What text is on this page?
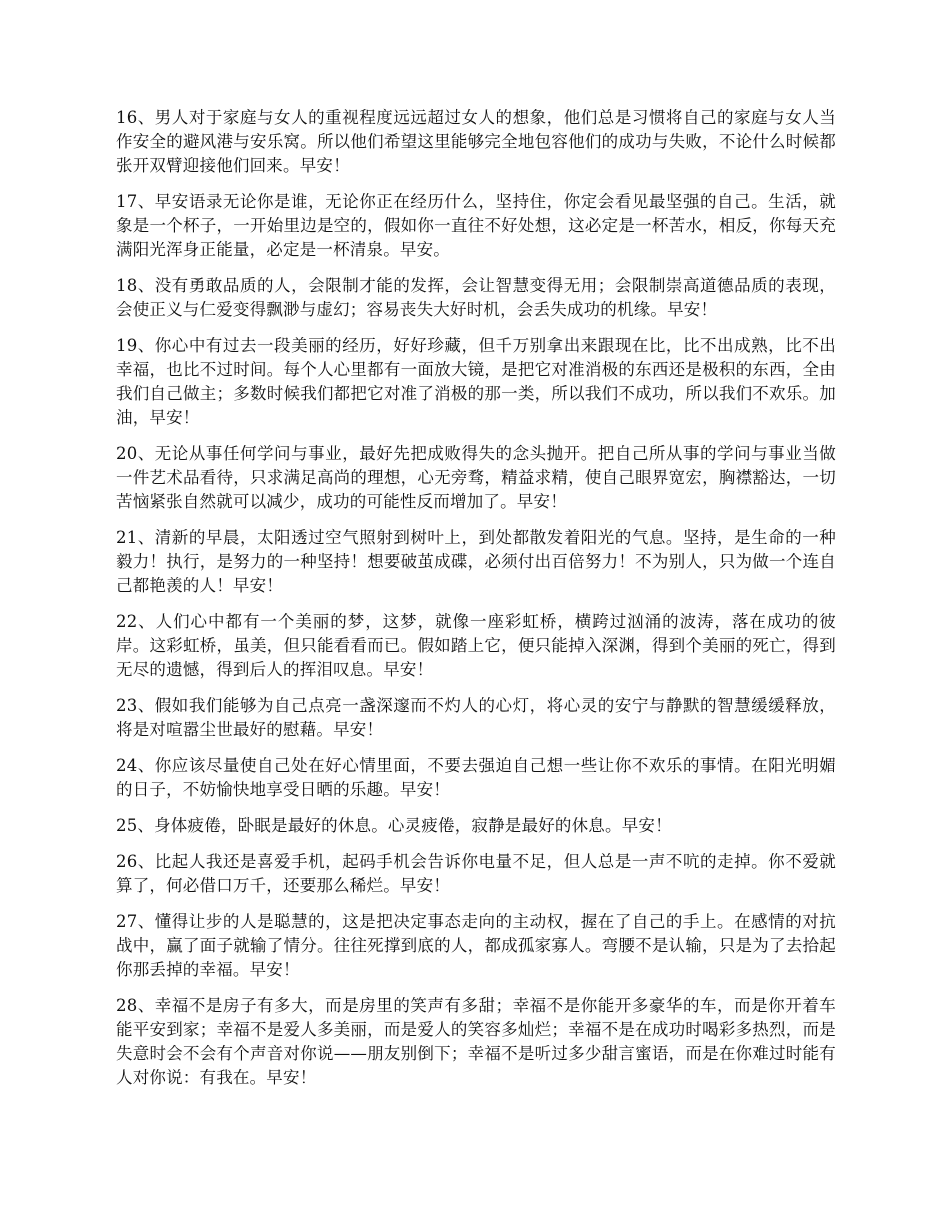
16、男人对于家庭与女人的重视程度远远超过女人的想象，他们总是习惯将自己的家庭与女人当作安全的避风港与安乐窝。所以他们希望这里能够完全地包容他们的成功与失败，不论什么时候都张开双臂迎接他们回来。早安！

17、早安语录无论你是谁，无论你正在经历什么，坚持住，你定会看见最坚强的自己。生活，就象是一个杯子，一开始里边是空的，假如你一直往不好处想，这必定是一杯苦水，相反，你每天充满阳光浑身正能量，必定是一杯清泉。早安。

18、没有勇敢品质的人，会限制才能的发挥，会让智慧变得无用；会限制崇高道德品质的表现，会使正义与仁爱变得飘渺与虚幻；容易丧失大好时机，会丢失成功的机缘。早安！

19、你心中有过去一段美丽的经历，好好珍藏，但千万别拿出来跟现在比，比不出成熟，比不出幸福，也比不过时间。每个人心里都有一面放大镜，是把它对准消极的东西还是极积的东西，全由我们自己做主；多数时候我们都把它对准了消极的那一类，所以我们不成功，所以我们不欢乐。加油，早安！

20、无论从事任何学问与事业，最好先把成败得失的念头抛开。把自己所从事的学问与事业当做一件艺术品看待，只求满足高尚的理想，心无旁骛，精益求精，使自己眼界宽宏，胸襟豁达，一切苦恼紧张自然就可以减少，成功的可能性反而增加了。早安！

21、清新的早晨，太阳透过空气照射到树叶上，到处都散发着阳光的气息。坚持，是生命的一种毅力！执行，是努力的一种坚持！想要破茧成碟，必须付出百倍努力！不为别人，只为做一个连自己都艳羡的人！早安！

22、人们心中都有一个美丽的梦，这梦，就像一座彩虹桥，横跨过汹涌的波涛，落在成功的彼岸。这彩虹桥，虽美，但只能看看而已。假如踏上它，便只能掉入深渊，得到个美丽的死亡，得到无尽的遗憾，得到后人的挥泪叹息。早安！

23、假如我们能够为自己点亮一盏深邃而不灼人的心灯，将心灵的安宁与静默的智慧缓缓释放，将是对喧嚣尘世最好的慰藉。早安！

24、你应该尽量使自己处在好心情里面，不要去强迫自己想一些让你不欢乐的事情。在阳光明媚的日子，不妨愉快地享受日晒的乐趣。早安！

25、身体疲倦，卧眠是最好的休息。心灵疲倦，寂静是最好的休息。早安！

26、比起人我还是喜爱手机，起码手机会告诉你电量不足，但人总是一声不吭的走掉。你不爱就算了，何必借口万千，还要那么稀烂。早安！

27、懂得让步的人是聪慧的，这是把决定事态走向的主动权，握在了自己的手上。在感情的对抗战中，赢了面子就输了情分。往往死撑到底的人，都成孤家寡人。弯腰不是认输，只是为了去拾起你那丢掉的幸福。早安！

28、幸福不是房子有多大，而是房里的笑声有多甜；幸福不是你能开多豪华的车，而是你开着车能平安到家；幸福不是爱人多美丽，而是爱人的笑容多灿烂；幸福不是在成功时喝彩多热烈，而是失意时会不会有个声音对你说——朋友别倒下；幸福不是听过多少甜言蜜语，而是在你难过时能有人对你说：有我在。早安！
